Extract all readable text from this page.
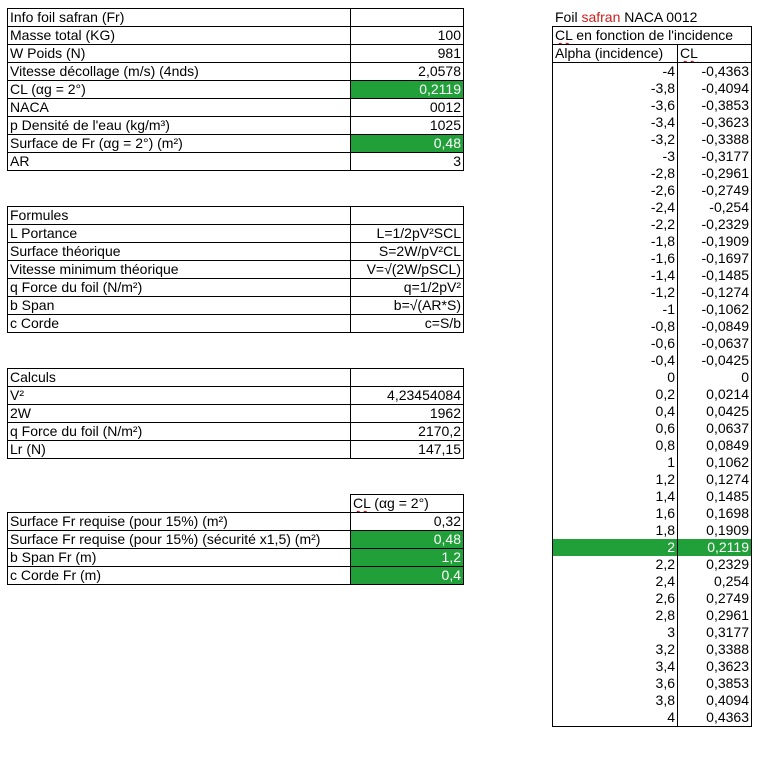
Info foil safran (Fr)	
Masse total (KG)	100
W Poids (N)	981
Vitesse décollage (m/s) (4nds)	2,0578
CL (αg = 2°)	0,2119
NACA	0012
p Densité de l'eau (kg/m³)	1025
Surface de Fr (αg = 2°) (m²)	0,48
AR	3
Formules	
L Portance	L=1/2pV²SCL
Surface théorique	S=2W/pV²CL
Vitesse minimum théorique	V=√(2W/pSCL)
q Force du foil (N/m²)	q=1/2pV²
b Span	b=√(AR*S)
c Corde	c=S/b
Calculs	
V²	4,23454084
2W	1962
q Force du foil (N/m²)	2170,2
Lr (N)	147,15
	CL (αg = 2°)
Surface Fr requise (pour 15%) (m²)	0,32
Surface Fr requise (pour 15%) (sécurité x1,5) (m²)	0,48
b Span Fr (m)	1,2
c Corde Fr (m)	0,4
Foil safran NACA 0012
CL en fonction de l'incidence	
Alpha (incidence)	CL
-4	-0,4363
-3,8	-0,4094
-3,6	-0,3853
-3,4	-0,3623
-3,2	-0,3388
-3	-0,3177
-2,8	-0,2961
-2,6	-0,2749
-2,4	-0,254
-2,2	-0,2329
-1,8	-0,1909
-1,6	-0,1697
-1,4	-0,1485
-1,2	-0,1274
-1	-0,1062
-0,8	-0,0849
-0,6	-0,0637
-0,4	-0,0425
0	0
0,2	0,0214
0,4	0,0425
0,6	0,0637
0,8	0,0849
1	0,1062
1,2	0,1274
1,4	0,1485
1,6	0,1698
1,8	0,1909
2	0,2119
2,2	0,2329
2,4	0,254
2,6	0,2749
2,8	0,2961
3	0,3177
3,2	0,3388
3,4	0,3623
3,6	0,3853
3,8	0,4094
4	0,4363
